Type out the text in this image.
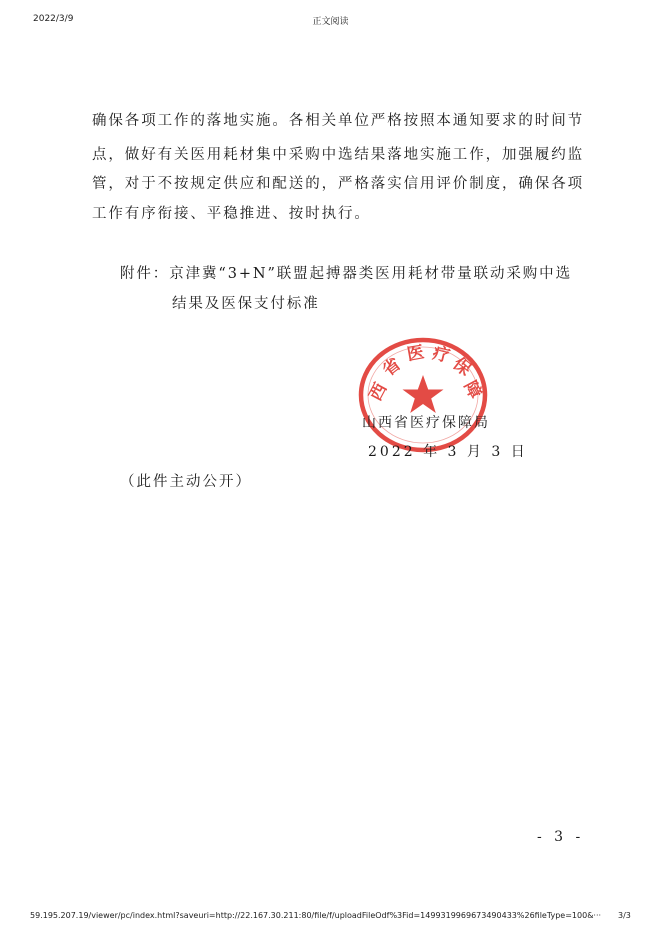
2022/3/9	正文阅读
确保各项工作的落地实施。各相关单位严格按照本通知要求的时间节
点，做好有关医用耗材集中采购中选结果落地实施工作，加强履约监
管，对于不按规定供应和配送的，严格落实信用评价制度，确保各项
工作有序衔接、平稳推进、按时执行。
附件：京津冀“3+N”联盟起搏器类医用耗材带量联动采购中选
结果及医保支付标准
西
省
医 疗
保
障
山西省医疗保障局
2022 年 3 月 3 日
（此件主动公开）
- 3 -
59.195.207.19/viewer/pc/index.html?saveuri=http://22.167.30.211:80/file/f/uploadFileOdf%3Fid=149931996967349043​3%26fileType=100&···	3/3
